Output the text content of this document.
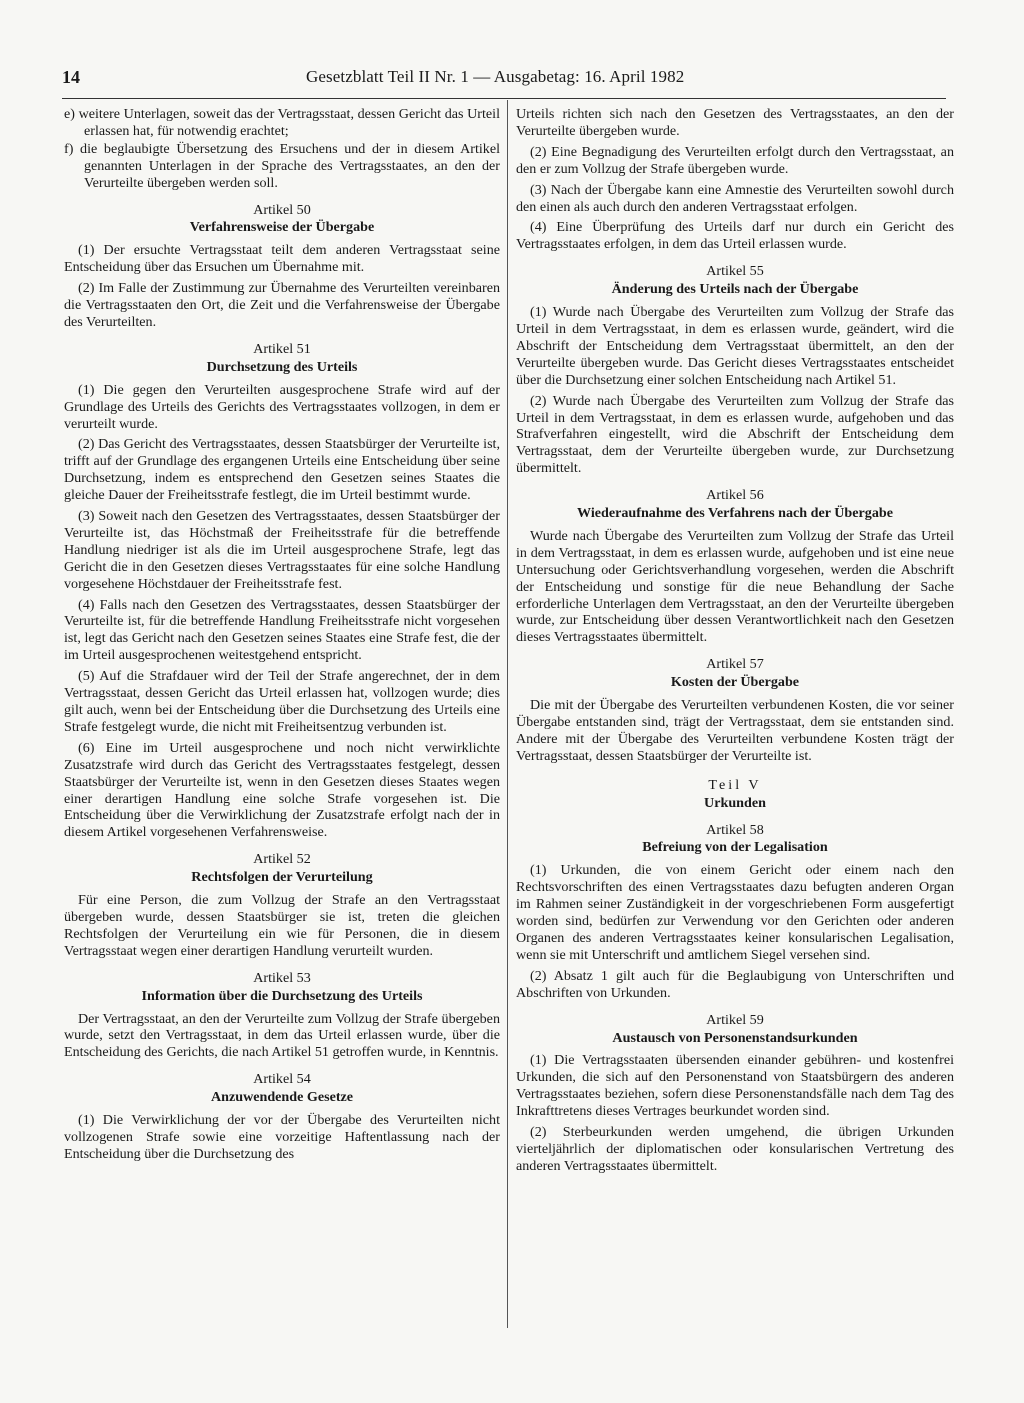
14	Gesetzblatt Teil II Nr. 1 — Ausgabetag: 16. April 1982

e) weitere Unterlagen, soweit das der Vertragsstaat, dessen Gericht das Urteil erlassen hat, für notwendig erachtet;

f) die beglaubigte Übersetzung des Ersuchens und der in diesem Artikel genannten Unterlagen in der Sprache des Vertragsstaates, an den der Verurteilte übergeben werden soll.

Artikel 50
Verfahrensweise der Übergabe

(1) Der ersuchte Vertragsstaat teilt dem anderen Vertragsstaat seine Entscheidung über das Ersuchen um Übernahme mit.

(2) Im Falle der Zustimmung zur Übernahme des Verurteilten vereinbaren die Vertragsstaaten den Ort, die Zeit und die Verfahrensweise der Übergabe des Verurteilten.

Artikel 51
Durchsetzung des Urteils

(1) Die gegen den Verurteilten ausgesprochene Strafe wird auf der Grundlage des Urteils des Gerichts des Vertragsstaates vollzogen, in dem er verurteilt wurde.

(2) Das Gericht des Vertragsstaates, dessen Staatsbürger der Verurteilte ist, trifft auf der Grundlage des ergangenen Urteils eine Entscheidung über seine Durchsetzung, indem es entsprechend den Gesetzen seines Staates die gleiche Dauer der Freiheitsstrafe festlegt, die im Urteil bestimmt wurde.

(3) Soweit nach den Gesetzen des Vertragsstaates, dessen Staatsbürger der Verurteilte ist, das Höchstmaß der Freiheitsstrafe für die betreffende Handlung niedriger ist als die im Urteil ausgesprochene Strafe, legt das Gericht die in den Gesetzen dieses Vertragsstaates für eine solche Handlung vorgesehene Höchstdauer der Freiheitsstrafe fest.

(4) Falls nach den Gesetzen des Vertragsstaates, dessen Staatsbürger der Verurteilte ist, für die betreffende Handlung Freiheitsstrafe nicht vorgesehen ist, legt das Gericht nach den Gesetzen seines Staates eine Strafe fest, die der im Urteil ausgesprochenen weitestgehend entspricht.

(5) Auf die Strafdauer wird der Teil der Strafe angerechnet, der in dem Vertragsstaat, dessen Gericht das Urteil erlassen hat, vollzogen wurde; dies gilt auch, wenn bei der Entscheidung über die Durchsetzung des Urteils eine Strafe festgelegt wurde, die nicht mit Freiheitsentzug verbunden ist.

(6) Eine im Urteil ausgesprochene und noch nicht verwirklichte Zusatzstrafe wird durch das Gericht des Vertragsstaates festgelegt, dessen Staatsbürger der Verurteilte ist, wenn in den Gesetzen dieses Staates wegen einer derartigen Handlung eine solche Strafe vorgesehen ist. Die Entscheidung über die Verwirklichung der Zusatzstrafe erfolgt nach der in diesem Artikel vorgesehenen Verfahrensweise.

Artikel 52
Rechtsfolgen der Verurteilung

Für eine Person, die zum Vollzug der Strafe an den Vertragsstaat übergeben wurde, dessen Staatsbürger sie ist, treten die gleichen Rechtsfolgen der Verurteilung ein wie für Personen, die in diesem Vertragsstaat wegen einer derartigen Handlung verurteilt wurden.

Artikel 53
Information über die Durchsetzung des Urteils

Der Vertragsstaat, an den der Verurteilte zum Vollzug der Strafe übergeben wurde, setzt den Vertragsstaat, in dem das Urteil erlassen wurde, über die Entscheidung des Gerichts, die nach Artikel 51 getroffen wurde, in Kenntnis.

Artikel 54
Anzuwendende Gesetze

(1) Die Verwirklichung der vor der Übergabe des Verurteilten nicht vollzogenen Strafe sowie eine vorzeitige Haftentlassung nach der Entscheidung über die Durchsetzung des

Urteils richten sich nach den Gesetzen des Vertragsstaates, an den der Verurteilte übergeben wurde.

(2) Eine Begnadigung des Verurteilten erfolgt durch den Vertragsstaat, an den er zum Vollzug der Strafe übergeben wurde.

(3) Nach der Übergabe kann eine Amnestie des Verurteilten sowohl durch den einen als auch durch den anderen Vertragsstaat erfolgen.

(4) Eine Überprüfung des Urteils darf nur durch ein Gericht des Vertragsstaates erfolgen, in dem das Urteil erlassen wurde.

Artikel 55
Änderung des Urteils nach der Übergabe

(1) Wurde nach Übergabe des Verurteilten zum Vollzug der Strafe das Urteil in dem Vertragsstaat, in dem es erlassen wurde, geändert, wird die Abschrift der Entscheidung dem Vertragsstaat übermittelt, an den der Verurteilte übergeben wurde. Das Gericht dieses Vertragsstaates entscheidet über die Durchsetzung einer solchen Entscheidung nach Artikel 51.

(2) Wurde nach Übergabe des Verurteilten zum Vollzug der Strafe das Urteil in dem Vertragsstaat, in dem es erlassen wurde, aufgehoben und das Strafverfahren eingestellt, wird die Abschrift der Entscheidung dem Vertragsstaat, dem der Verurteilte übergeben wurde, zur Durchsetzung übermittelt.

Artikel 56
Wiederaufnahme des Verfahrens nach der Übergabe

Wurde nach Übergabe des Verurteilten zum Vollzug der Strafe das Urteil in dem Vertragsstaat, in dem es erlassen wurde, aufgehoben und ist eine neue Untersuchung oder Gerichtsverhandlung vorgesehen, werden die Abschrift der Entscheidung und sonstige für die neue Behandlung der Sache erforderliche Unterlagen dem Vertragsstaat, an den der Verurteilte übergeben wurde, zur Entscheidung über dessen Verantwortlichkeit nach den Gesetzen dieses Vertragsstaates übermittelt.

Artikel 57
Kosten der Übergabe

Die mit der Übergabe des Verurteilten verbundenen Kosten, die vor seiner Übergabe entstanden sind, trägt der Vertragsstaat, dem sie entstanden sind. Andere mit der Übergabe des Verurteilten verbundene Kosten trägt der Vertragsstaat, dessen Staatsbürger der Verurteilte ist.

Teil V
Urkunden
Artikel 58
Befreiung von der Legalisation

(1) Urkunden, die von einem Gericht oder einem nach den Rechtsvorschriften des einen Vertragsstaates dazu befugten anderen Organ im Rahmen seiner Zuständigkeit in der vorgeschriebenen Form ausgefertigt worden sind, bedürfen zur Verwendung vor den Gerichten oder anderen Organen des anderen Vertragsstaates keiner konsularischen Legalisation, wenn sie mit Unterschrift und amtlichem Siegel versehen sind.

(2) Absatz 1 gilt auch für die Beglaubigung von Unterschriften und Abschriften von Urkunden.

Artikel 59
Austausch von Personenstandsurkunden

(1) Die Vertragsstaaten übersenden einander gebühren- und kostenfrei Urkunden, die sich auf den Personenstand von Staatsbürgern des anderen Vertragsstaates beziehen, sofern diese Personenstandsfälle nach dem Tag des Inkrafttretens dieses Vertrages beurkundet worden sind.

(2) Sterbeurkunden werden umgehend, die übrigen Urkunden vierteljährlich der diplomatischen oder konsularischen Vertretung des anderen Vertragsstaates übermittelt.
